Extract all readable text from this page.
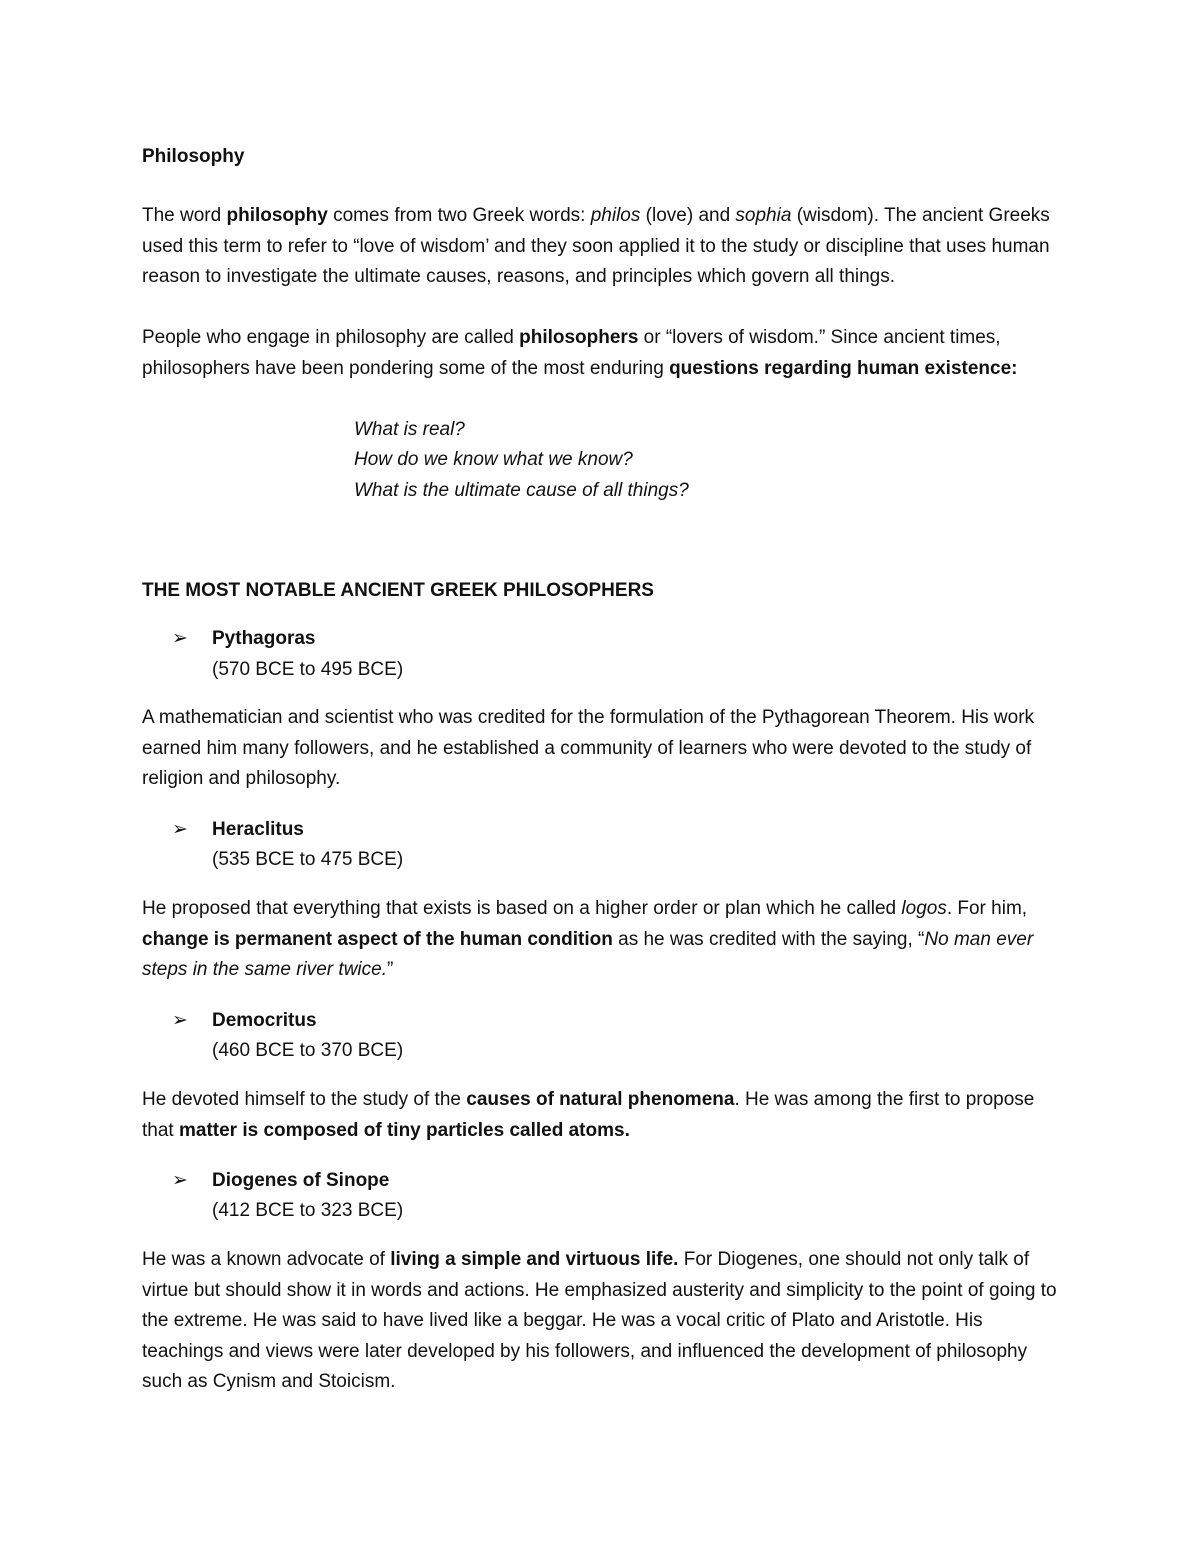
Philosophy

The word philosophy comes from two Greek words: philos (love) and sophia (wisdom). The ancient Greeks used this term to refer to “love of wisdom’ and they soon applied it to the study or discipline that uses human reason to investigate the ultimate causes, reasons, and principles which govern all things.

People who engage in philosophy are called philosophers or “lovers of wisdom.” Since ancient times, philosophers have been pondering some of the most enduring questions regarding human existence:

What is real?
How do we know what we know?
What is the ultimate cause of all things?
THE MOST NOTABLE ANCIENT GREEK PHILOSOPHERS
➢ Pythagoras
(570 BCE to 495 BCE)

A mathematician and scientist who was credited for the formulation of the Pythagorean Theorem. His work earned him many followers, and he established a community of learners who were devoted to the study of religion and philosophy.

➢ Heraclitus
(535 BCE to 475 BCE)

He proposed that everything that exists is based on a higher order or plan which he called logos. For him, change is permanent aspect of the human condition as he was credited with the saying, “No man ever steps in the same river twice.”

➢ Democritus
(460 BCE to 370 BCE)

He devoted himself to the study of the causes of natural phenomena. He was among the first to propose that matter is composed of tiny particles called atoms.

➢ Diogenes of Sinope
(412 BCE to 323 BCE)

He was a known advocate of living a simple and virtuous life. For Diogenes, one should not only talk of virtue but should show it in words and actions. He emphasized austerity and simplicity to the point of going to the extreme. He was said to have lived like a beggar. He was a vocal critic of Plato and Aristotle. His teachings and views were later developed by his followers, and influenced the development of philosophy such as Cynism and Stoicism.
